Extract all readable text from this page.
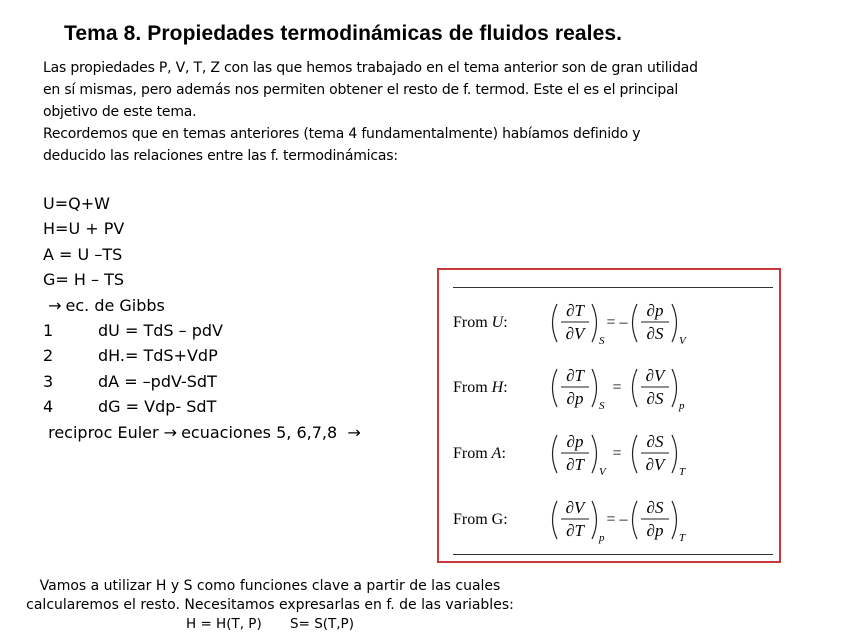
Tema 8. Propiedades termodinámicas de fluidos reales.
Las propiedades P, V, T, Z con las que hemos trabajado en el tema anterior son de gran utilidad
en sí mismas, pero además nos permiten obtener el resto de f. termod. Este el es el principal
objetivo de este tema.
Recordemos que en temas anteriores (tema 4 fundamentalmente) habíamos definido y
deducido las relaciones entre las f. termodinámicas:
U=Q+W
H=U + PV
A = U –TS
G= H – TS
→ ec. de Gibbs
1	dU = TdS – pdV
2	dH.= TdS+VdP
3	dA = –pdV-SdT
4	dG = Vdp- SdT
reciproc Euler → ecuaciones 5, 6,7,8 →
From U:
∂T
∂V S
= –
∂p
∂S V
From H:
∂T
∂p S
=
∂V
∂S p
From A:
∂p
∂T V
=
∂S
∂V T
From G:
∂V
∂T p
= –
∂S
∂p T
Vamos a utilizar H y S como funciones clave a partir de las cuales
calcularemos el resto. Necesitamos expresarlas en f. de las variables:
H = H(T, P) S= S(T,P)
